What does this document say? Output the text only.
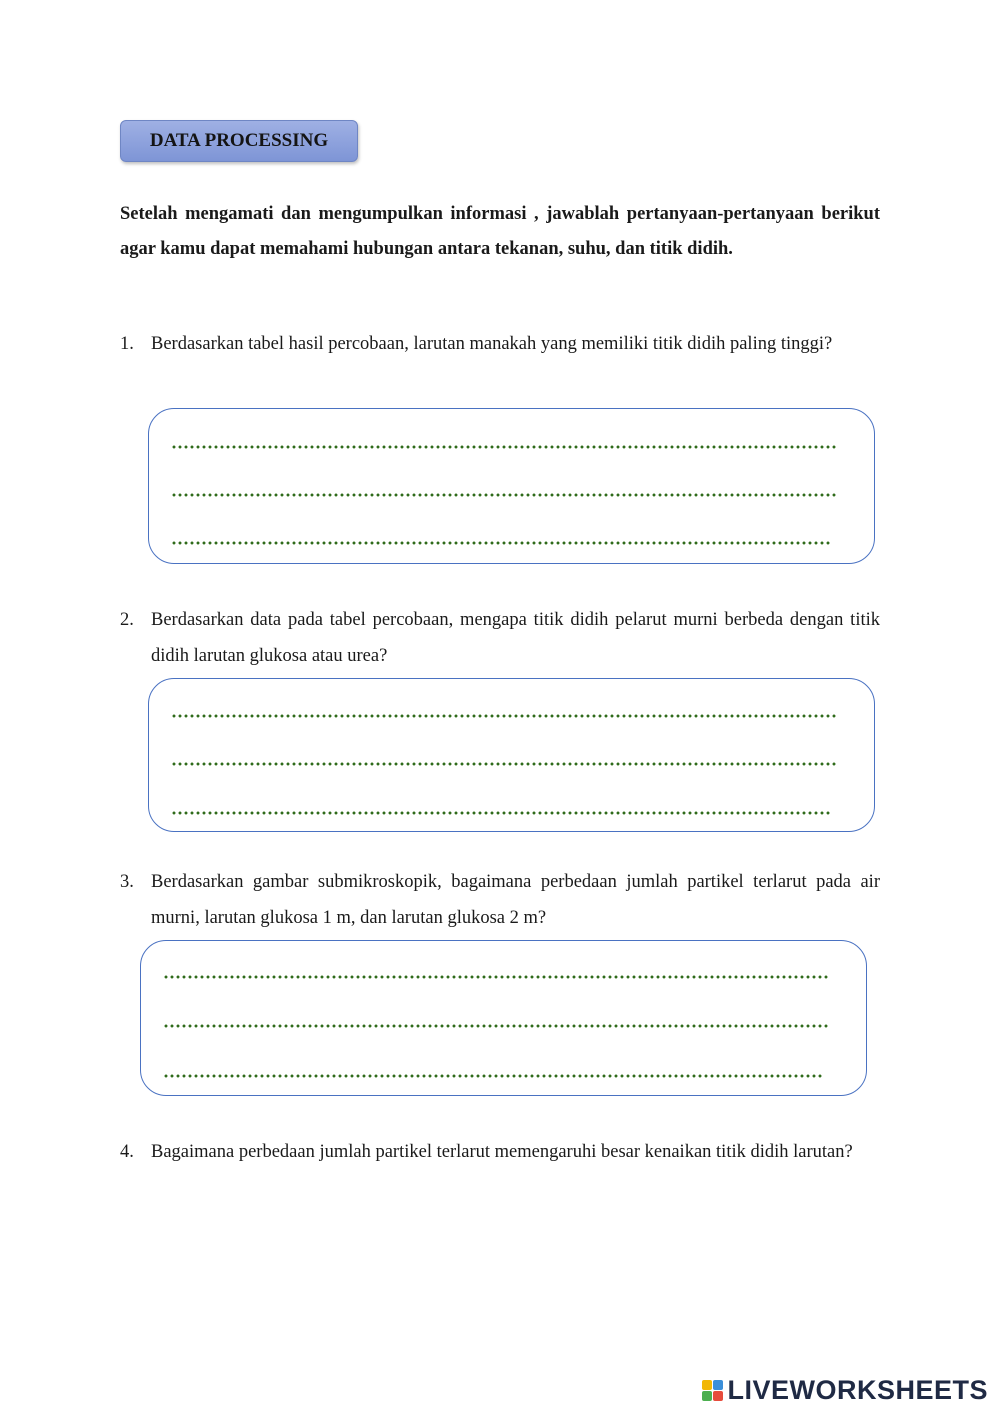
DATA PROCESSING
Setelah mengamati dan mengumpulkan informasi , jawablah pertanyaan-pertanyaan berikut agar kamu dapat memahami hubungan antara tekanan, suhu, dan titik didih.
1. Berdasarkan tabel hasil percobaan, larutan manakah yang memiliki titik didih paling tinggi?
2. Berdasarkan data pada tabel percobaan, mengapa titik didih pelarut murni berbeda dengan titik didih larutan glukosa atau urea?
3. Berdasarkan gambar submikroskopik, bagaimana perbedaan jumlah partikel terlarut pada air murni, larutan glukosa 1 m, dan larutan glukosa 2 m?
4. Bagaimana perbedaan jumlah partikel terlarut memengaruhi besar kenaikan titik didih larutan?
LIVEWORKSHEETS
